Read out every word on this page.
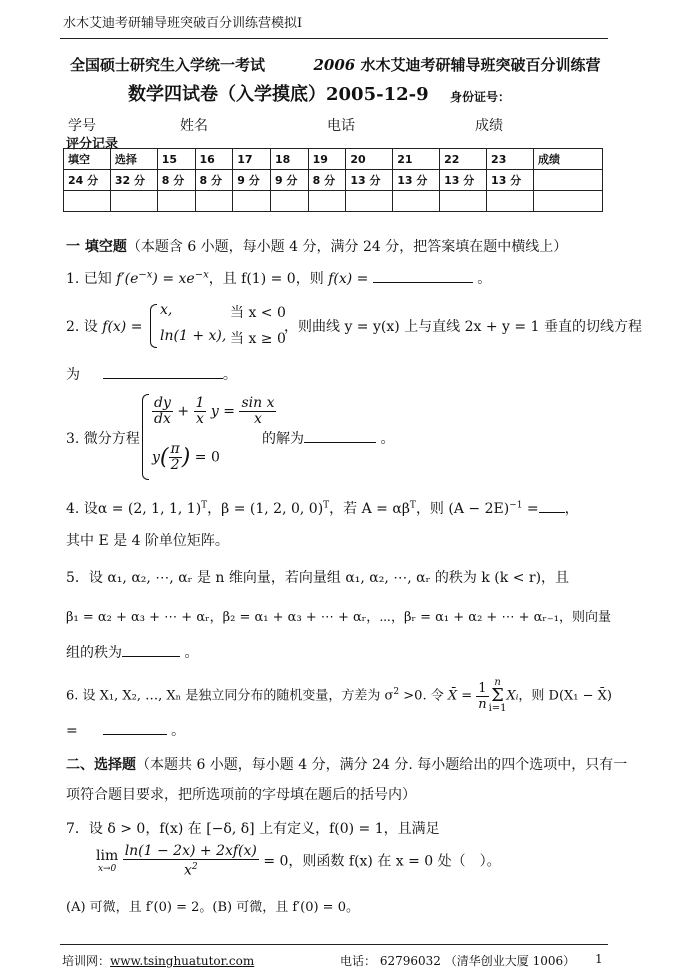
水木艾迪考研辅导班突破百分训练营模拟Ⅰ
全国硕士研究生入学统一考试	2006 水木艾迪考研辅导班突破百分训练营
数学四试卷（入学摸底）2005-12-9 身份证号：
学号	姓名	电话	成绩
评分记录
填空	选择	15	16	17	18	19	20	21	22	23	成绩
24 分	32 分	8 分	8 分	9 分	9 分	8 分	13 分	13 分	13 分	13 分	

一 填空题（本题含 6 小题，每小题 4 分，满分 24 分，把答案填在题中横线上）
1. 已知 $f'(e^{-x}) = xe^{-x}$，且 f(1) = 0，则 f(x) =	。
2. 设 f(x) =
x,	当 x < 0
ln(1 + x), 当 x ≥ 0
，则曲线 y = y(x) 上与直线 2x + y = 1 垂直的切线方程
为	。
3. 微分方程
$\frac{dy}{dx} + \frac{1}{x}$ $y = \frac{\text{sin x}}{x}$
$y( \frac{\pi}{2}$ ) = 0
的解为	。
4. 设α = (2, 1, 1, 1)$^T$，β = (1, 2, 0, 0)$^T$，若 $A = \alpha\beta^T$，则 $(A - 2E)^{-1}$ = ，
其中 E 是 4 阶单位矩阵。
5．设 α₁, α₂, ⋯, αᵣ 是 n 维向量，若向量组 α₁, α₂, ⋯, αᵣ 的秩为 k (k < r)，且
β₁ = α₂ + α₃ + ⋯ + αᵣ，β₂ = α₁ + α₃ + ⋯ + αᵣ，⋯，βᵣ = α₁ + α₂ + ⋯ + αᵣ₋₁，则向量
组的秩为	。
6. 设 X₁, X₂, …, Xₙ 是独立同分布的随机变量，方差为 $\sigma^2 >0$. 令 X̄ = $\frac{1}{n}$ n
Σ
i=1
Xᵢ，则 D(X₁ − X̄)
=	。
二、选择题（本题共 6 小题，每小题 4 分，满分 24 分. 每小题给出的四个选项中，只有一
项符合题目要求，把所选项前的字母填在题后的括号内）
7．设 δ > 0，f(x) 在 [−δ, δ] 上有定义，f(0) = 1，且满足
lim
x→0
$\frac{\ln(1 - 2x) + 2xf(x)}{x^2} = 0$，则函数 f(x) 在 x = 0 处（　）。
(A) 可微，且 f′(0) = 2。(B) 可微，且 f′(0) = 0。
培训网：www.tsinghuatutor.com	电话： 62796032 （清华创业大厦 1006） 1
